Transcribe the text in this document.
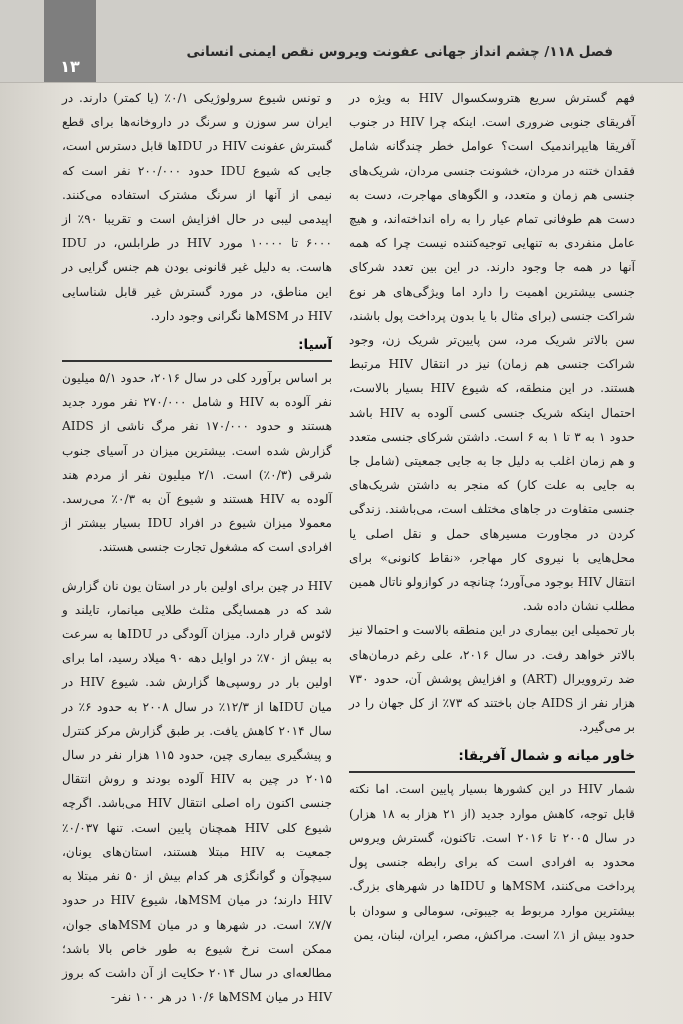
١٣
فصل ۱۱۸/ چشم انداز جهانی عفونت ویروس نقص ایمنی انسانی

فهم گسترش سریع هتروسکسوال HIV به ویژه در آفریقای جنوبی ضروری است. اینکه چرا HIV در جنوب آفریقا هایپراندمیک است؟ عوامل خطر چندگانه شامل فقدان ختنه در مردان، خشونت جنسی مردان، شریک‌های جنسی هم زمان و متعدد، و الگوهای مهاجرت، دست به دست هم طوفانی تمام عیار را به راه انداخته‌اند، و هیچ عامل منفردی به تنهایی توجیه‌کننده نیست چرا که همه آنها در همه جا وجود دارند. در این بین تعدد شرکای جنسی بیشترین اهمیت را دارد اما ویژگی‌های هر نوع شراکت جنسی (برای مثال با یا بدون پرداخت پول باشند، سن بالاتر شریک مرد، سن پایین‌تر شریک زن، وجود شراکت جنسی هم زمان) نیز در انتقال HIV مرتبط هستند. در این منطقه، که شیوع HIV بسیار بالاست، احتمال اینکه شریک جنسی کسی آلوده به HIV باشد حدود ۱ به ۳ تا ۱ به ۶ است. داشتن شرکای جنسی متعدد و هم زمان اغلب به دلیل جا به جایی جمعیتی (شامل جا به جایی به علت کار) که منجر به داشتن شریک‌های جنسی متفاوت در جاهای مختلف است، می‌باشند. زندگی کردن در مجاورت مسیرهای حمل و نقل اصلی یا محل‌هایی با نیروی کار مهاجر، «نقاط کانونی» برای انتقال HIV بوجود می‌آورد؛ چنانچه در کوازولو ناتال همین مطلب نشان داده شد.

بار تحمیلی این بیماری در این منطقه بالاست و احتمالا نیز بالاتر خواهد رفت. در سال ۲۰۱۶، علی رغم درمان‌های ضد رتروویرال (ART) و افزایش پوشش آن، حدود ۷۳۰ هزار نفر از AIDS جان باختند که ۷۳٪ از کل جهان را در بر می‌گیرد.

خاور میانه و شمال آفریقا:

شمار HIV در این کشورها بسیار پایین است. اما نکته قابل توجه، کاهش موارد جدید (از ۲۱ هزار به ۱۸ هزار) در سال ۲۰۰۵ تا ۲۰۱۶ است. تاکنون، گسترش ویروس محدود به افرادی است که برای رابطه جنسی پول پرداخت می‌کنند، MSMها و IDUها در شهرهای بزرگ. بیشترین موارد مربوط به جیبوتی، سومالی و سودان با حدود بیش از ۱٪ است. مراکش، مصر، ایران، لبنان، یمن

و تونس شیوع سرولوژیکی ۰/۱٪ (یا کمتر) دارند. در ایران سر سوزن و سرنگ در داروخانه‌ها برای قطع گسترش عفونت HIV در IDUها قابل دسترس است، جایی که شیوع IDU حدود ۲۰۰/۰۰۰ نفر است که نیمی از آنها از سرنگ مشترک استفاده می‌کنند. اپیدمی لیبی در حال افزایش است و تقریبا ۹۰٪ از ۶۰۰۰ تا ۱۰۰۰۰ مورد HIV در طرابلس، در IDU هاست. به دلیل غیر قانونی بودن هم جنس گرایی در این مناطق، در مورد گسترش غیر قابل شناسایی HIV در MSMها نگرانی وجود دارد.

آسیا:

بر اساس برآورد کلی در سال ۲۰۱۶، حدود ۵/۱ میلیون نفر آلوده به HIV و شامل ۲۷۰/۰۰۰ نفر مورد جدید هستند و حدود ۱۷۰/۰۰۰ نفر مرگ ناشی از AIDS گزارش شده است. بیشترین میزان در آسیای جنوب شرقی (۰/۳٪) است. ۲/۱ میلیون نفر از مردم هند آلوده به HIV هستند و شیوع آن به ۰/۳٪ می‌رسد. معمولا میزان شیوع در افراد IDU بسیار بیشتر از افرادی است که مشغول تجارت جنسی هستند.

HIV در چین برای اولین بار در استان یون نان گزارش شد که در همسایگی مثلث طلایی میانمار، تایلند و لائوس قرار دارد. میزان آلودگی در IDUها به سرعت به بیش از ۷۰٪ در اوایل دهه ۹۰ میلاد رسید، اما برای اولین بار در روسپی‌ها گزارش شد. شیوع HIV در میان IDUها از ۱۲/۳٪ در سال ۲۰۰۸ به حدود ۶٪ در سال ۲۰۱۴ کاهش یافت. بر طبق گزارش مرکز کنترل و پیشگیری بیماری چین، حدود ۱۱۵ هزار نفر در سال ۲۰۱۵ در چین به HIV آلوده بودند و روش انتقال جنسی اکنون راه اصلی انتقال HIV می‌باشد. اگرچه شیوع کلی HIV همچنان پایین است. تنها ۰/۰۳۷٪ جمعیت به HIV مبتلا هستند، استان‌های یونان، سیچوآن و گوانگژی هر کدام بیش از ۵۰ نفر مبتلا به HIV دارند؛ در میان MSMها، شیوع HIV در حدود ۷/۷٪ است. در شهرها و در میان MSMهای جوان، ممکن است نرخ شیوع به طور خاص بالا باشد؛ مطالعه‌ای در سال ۲۰۱۴ حکایت از آن داشت که بروز HIV در میان MSMها ۱۰/۶ در هر ۱۰۰ نفر-
